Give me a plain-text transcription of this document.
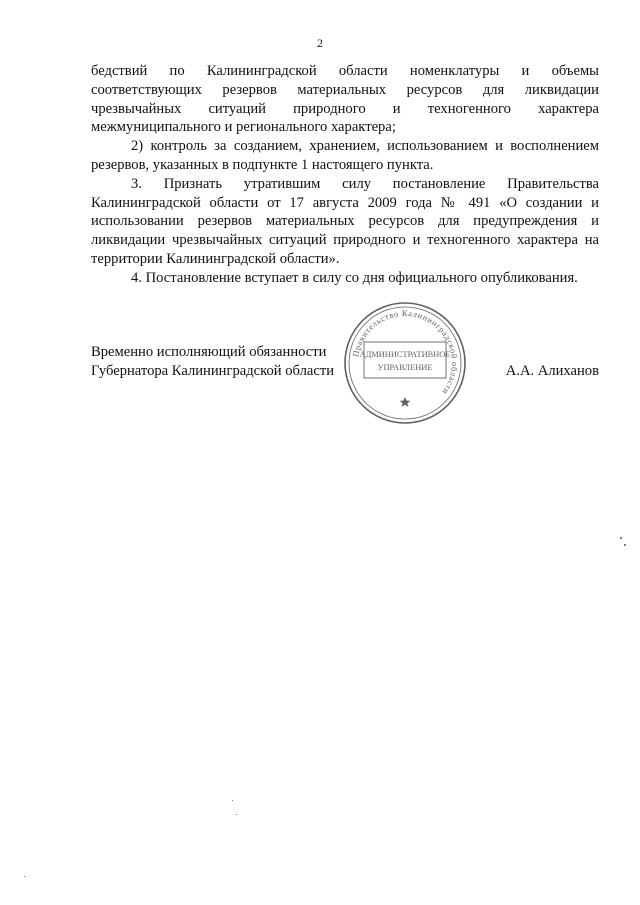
2

бедствий по Калининградской области номенклатуры и объемы соответствующих резервов материальных ресурсов для ликвидации чрезвычайных ситуаций природного и техногенного характера межмуниципального и регионального характера;

2) контроль за созданием, хранением, использованием и восполнением резервов, указанных в подпункте 1 настоящего пункта.

3. Признать утратившим силу постановление Правительства Калининградской области от 17 августа 2009 года № 491 «О создании и использовании резервов материальных ресурсов для предупреждения и ликвидации чрезвычайных ситуаций природного и техногенного характера на территории Калининградской области».

4. Постановление вступает в силу со дня официального опубликования.

Временно исполняющий обязанности
Губернатора Калининградской области	А.А. Алиханов
Правительство Калининградской области
АДМИНИСТРАТИВНОЕ
УПРАВЛЕНИЕ
